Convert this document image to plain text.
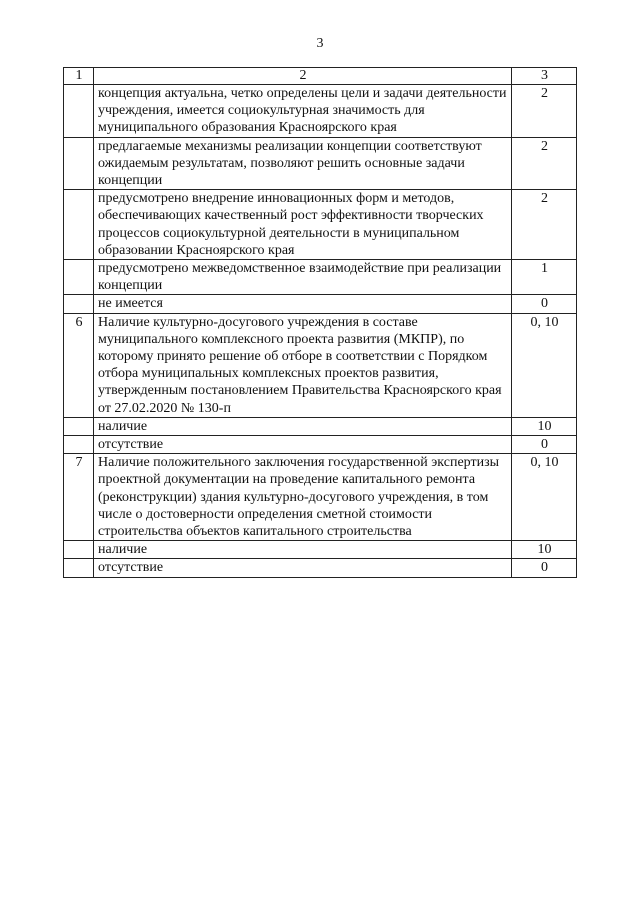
3
1	2	3
	концепция актуальна, четко определены цели и задачи деятельности учреждения, имеется социокультурная значимость для муниципального образования Красноярского края	2
	предлагаемые механизмы реализации концепции соответствуют ожидаемым результатам, позволяют решить основные задачи концепции	2
	предусмотрено внедрение инновационных форм и методов, обеспечивающих качественный рост эффективности творческих процессов социокультурной деятельности в муниципальном образовании Красноярского края	2
	предусмотрено межведомственное взаимодействие при реализации концепции	1
	не имеется	0
6	Наличие культурно-досугового учреждения в составе муниципального комплексного проекта развития (МКПР), по которому принято решение об отборе в соответствии с Порядком отбора муниципальных комплексных проектов развития, утвержденным постановлением Правительства Красноярского края от 27.02.2020 № 130-п	0, 10
	наличие	10
	отсутствие	0
7	Наличие положительного заключения государственной экспертизы проектной документации на проведение капитального ремонта (реконструкции) здания культурно-досугового учреждения, в том числе о достоверности определения сметной стоимости строительства объектов капитального строительства	0, 10
	наличие	10
	отсутствие	0
